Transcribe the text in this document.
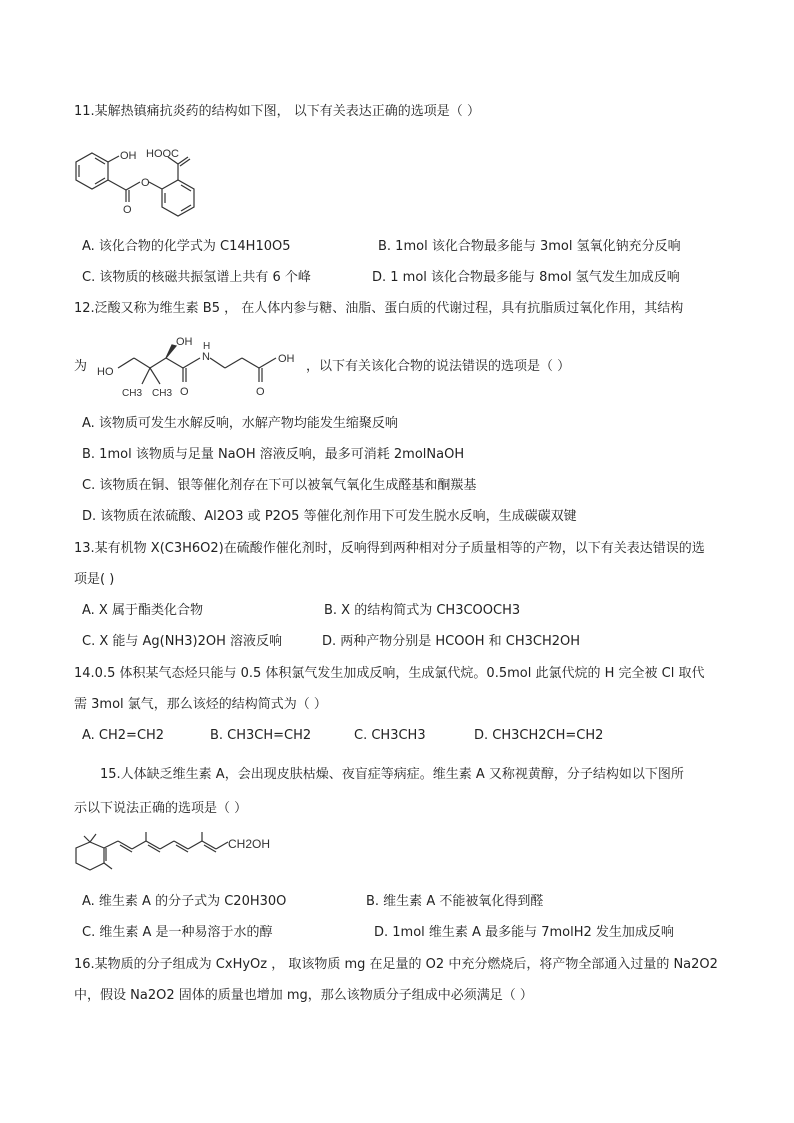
11.某解热镇痛抗炎药的结构如下图， 以下有关表达正确的选项是（ ）
OH HOOC
O
O
A. 该化合物的化学式为 C14H10O5	B. 1mol 该化合物最多能与 3mol 氢氧化钠充分反响
C. 该物质的核磁共振氢谱上共有 6 个峰	D. 1 mol 该化合物最多能与 8mol 氢气发生加成反响
12.泛酸又称为维生素 B5 ， 在人体内参与糖、油脂、蛋白质的代谢过程，具有抗脂质过氧化作用，其结构
为 HO
OH
N
H
OH
O	O
CH3 CH3
，以下有关该化合物的说法错误的选项是（ ）
A. 该物质可发生水解反响，水解产物均能发生缩聚反响
B. 1mol 该物质与足量 NaOH 溶液反响，最多可消耗 2molNaOH
C. 该物质在铜、银等催化剂存在下可以被氧气氧化生成醛基和酮羰基
D. 该物质在浓硫酸、Al2O3 或 P2O5 等催化剂作用下可发生脱水反响，生成碳碳双键
13.某有机物 X(C3H6O2)在硫酸作催化剂时，反响得到两种相对分子质量相等的产物，以下有关表达错误的选
项是( )
A. X 属于酯类化合物	B. X 的结构简式为 CH3COOCH3
C. X 能与 Ag(NH3)2OH 溶液反响	D. 两种产物分别是 HCOOH 和 CH3CH2OH
14.0.5 体积某气态烃只能与 0.5 体积氯气发生加成反响，生成氯代烷。0.5mol 此氯代烷的 H 完全被 Cl 取代
需 3mol 氯气，那么该烃的结构简式为（ ）
A. CH2=CH2	B. CH3CH=CH2	C. CH3CH3	D. CH3CH2CH=CH2
15.人体缺乏维生素 A，会出现皮肤枯燥、夜盲症等病症。维生素 A 又称视黄醇，分子结构如以下图所
示以下说法正确的选项是（ ）
CH2OH
A. 维生素 A 的分子式为 C20H30O	B. 维生素 A 不能被氧化得到醛
C. 维生素 A 是一种易溶于水的醇	D. 1mol 维生素 A 最多能与 7molH2 发生加成反响
16.某物质的分子组成为 CxHyOz ， 取该物质 mg 在足量的 O2 中充分燃烧后，将产物全部通入过量的 Na2O2
中，假设 Na2O2 固体的质量也增加 mg，那么该物质分子组成中必须满足（ ）
